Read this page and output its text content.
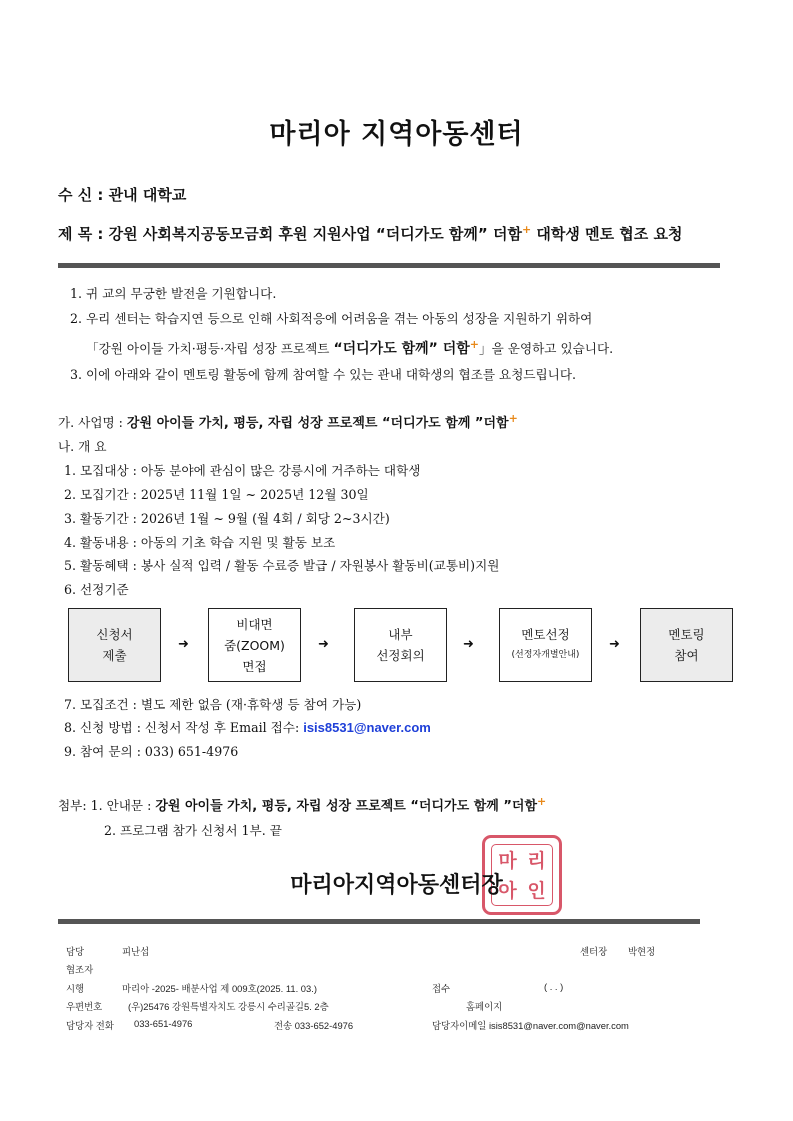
마리아 지역아동센터
수 신 : 관내 대학교
제 목 : 강원 사회복지공동모금회 후원 지원사업 “더디가도 함께” 더함+ 대학생 멘토 협조 요청
1. 귀 교의 무궁한 발전을 기원합니다.
2. 우리 센터는 학습지연 등으로 인해 사회적응에 어려움을 겪는 아동의 성장을 지원하기 위하여
「강원 아이들 가치·평등·자립 성장 프로젝트 “더디가도 함께” 더함+」을 운영하고 있습니다.
3. 이에 아래와 같이 멘토링 활동에 함께 참여할 수 있는 관내 대학생의 협조를 요청드립니다.
가. 사업명 : 강원 아이들 가치, 평등, 자립 성장 프로젝트 “더디가도 함께 ”더함+
나. 개 요
1. 모집대상 : 아동 분야에 관심이 많은 강릉시에 거주하는 대학생
2. 모집기간 : 2025년 11월 1일 ~ 2025년 12월 30일
3. 활동기간 : 2026년 1월 ~ 9월 (월 4회 / 회당 2~3시간)
4. 활동내용 : 아동의 기초 학습 지원 및 활동 보조
5. 활동혜택 : 봉사 실적 입력 / 활동 수료증 발급 / 자원봉사 활동비(교통비)지원
6. 선정기준
신청서
제출
➜
비대면
줌(ZOOM)
면접
➜
내부
선정회의
➜
멘토선정
(선정자개별안내)
➜
멘토링
참여
7. 모집조건 : 별도 제한 없음 (재·휴학생 등 참여 가능)
8. 신청 방법 : 신청서 작성 후 Email 접수: isis8531@naver.com
9. 참여 문의 : 033) 651-4976
첨부: 1. 안내문 : 강원 아이들 가치, 평등, 자립 성장 프로젝트 “더디가도 함께 ”더함+
2. 프로그램 참가 신청서 1부. 끝
마 리
아 인
마리아지역아동센터장
담당	피난섭	센터장 박현정
협조자
시행	마리아 -2025- 배분사업 제 009호(2025. 11. 03.)	접수	( . . )
우편번호	(우)25476 강원특별자치도 강릉시 수리골길5. 2층	홈페이지
담당자 전화 033-651-4976	전송 033-652-4976	담당자이메일 isis8531@naver.com@naver.com
